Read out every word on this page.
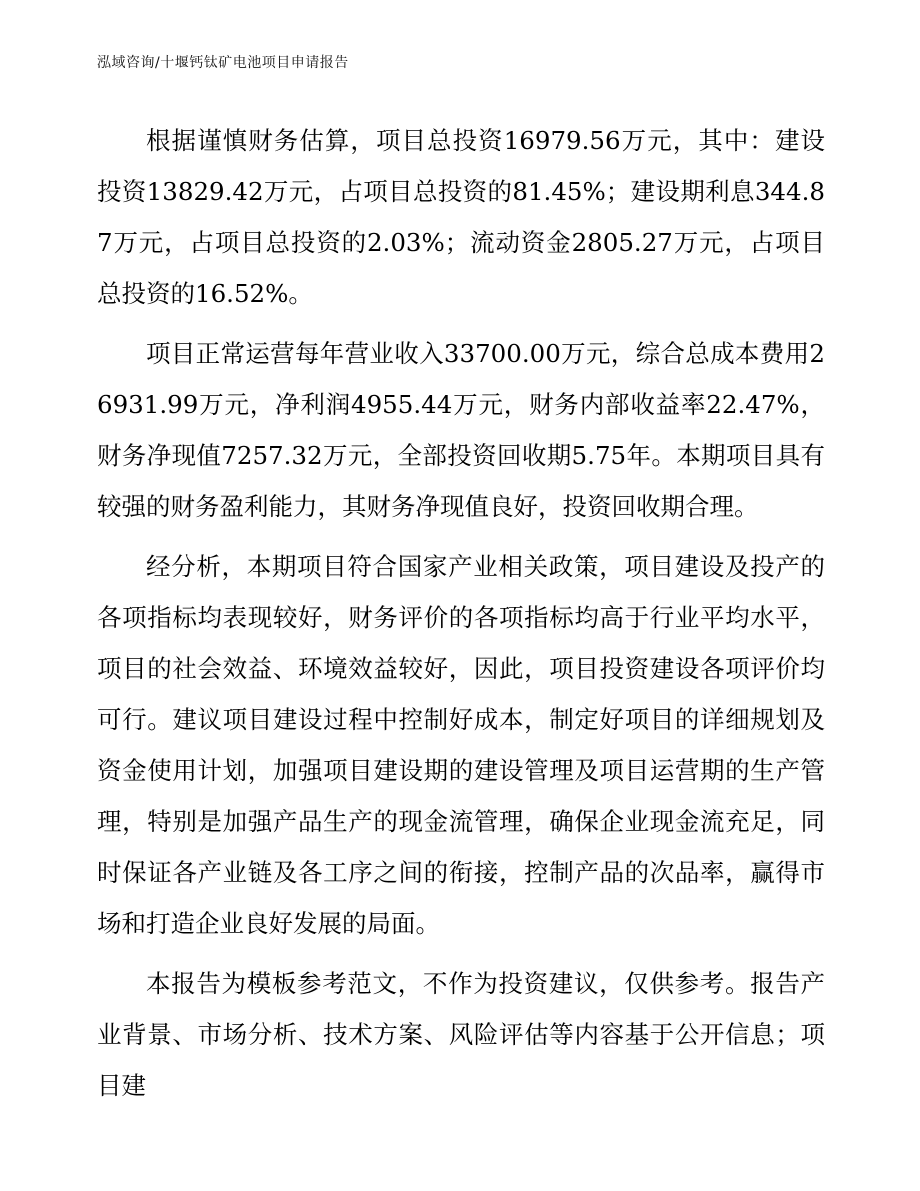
泓域咨询/十堰钙钛矿电池项目申请报告

根据谨慎财务估算，项目总投资16979.56万元，其中：建设投资13829.42万元，占项目总投资的81.45%；建设期利息344.87万元，占项目总投资的2.03%；流动资金2805.27万元，占项目总投资的16.52%。

项目正常运营每年营业收入33700.00万元，综合总成本费用26931.99万元，净利润4955.44万元，财务内部收益率22.47%，财务净现值7257.32万元，全部投资回收期5.75年。本期项目具有较强的财务盈利能力，其财务净现值良好，投资回收期合理。

经分析，本期项目符合国家产业相关政策，项目建设及投产的各项指标均表现较好，财务评价的各项指标均高于行业平均水平，项目的社会效益、环境效益较好，因此，项目投资建设各项评价均可行。建议项目建设过程中控制好成本，制定好项目的详细规划及资金使用计划，加强项目建设期的建设管理及项目运营期的生产管理，特别是加强产品生产的现金流管理，确保企业现金流充足，同时保证各产业链及各工序之间的衔接，控制产品的次品率，赢得市场和打造企业良好发展的局面。

本报告为模板参考范文，不作为投资建议，仅供参考。报告产业背景、市场分析、技术方案、风险评估等内容基于公开信息；项目建
